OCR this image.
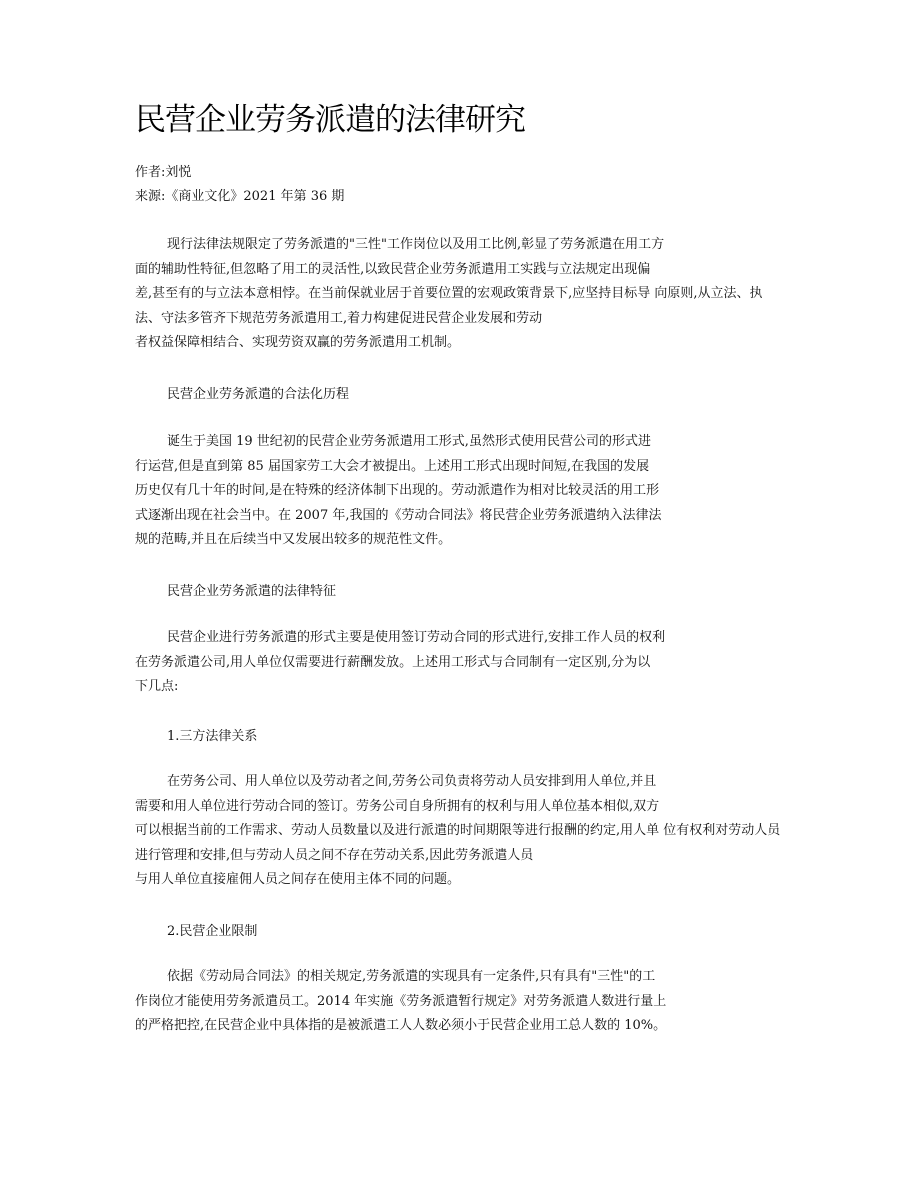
民营企业劳务派遣的法律研究
作者:刘悦
来源:《商业文化》2021 年第 36 期
现行法律法规限定了劳务派遣的"三性"工作岗位以及用工比例,彰显了劳务派遣在用工方
面的辅助性特征,但忽略了用工的灵活性,以致民营企业劳务派遣用工实践与立法规定出现偏
差,甚至有的与立法本意相悖。在当前保就业居于首要位置的宏观政策背景下,应坚持目标导 向原则,从立法、执
法、守法多管齐下规范劳务派遣用工,着力构建促进民营企业发展和劳动
者权益保障相结合、实现劳资双赢的劳务派遣用工机制。
民营企业劳务派遣的合法化历程
诞生于美国 19 世纪初的民营企业劳务派遣用工形式,虽然形式使用民营公司的形式进
行运营,但是直到第 85 届国家劳工大会才被提出。上述用工形式出现时间短,在我国的发展
历史仅有几十年的时间,是在特殊的经济体制下出现的。劳动派遣作为相对比较灵活的用工形
式逐渐出现在社会当中。在 2007 年,我国的《劳动合同法》将民营企业劳务派遣纳入法律法
规的范畴,并且在后续当中又发展出较多的规范性文件。
民营企业劳务派遣的法律特征
民营企业进行劳务派遣的形式主要是使用签订劳动合同的形式进行,安排工作人员的权利
在劳务派遣公司,用人单位仅需要进行薪酬发放。上述用工形式与合同制有一定区别,分为以
下几点:
1.三方法律关系
在劳务公司、用人单位以及劳动者之间,劳务公司负责将劳动人员安排到用人单位,并且
需要和用人单位进行劳动合同的签订。劳务公司自身所拥有的权利与用人单位基本相似,双方
可以根据当前的工作需求、劳动人员数量以及进行派遣的时间期限等进行报酬的约定,用人单 位有权利对劳动人员
进行管理和安排,但与劳动人员之间不存在劳动关系,因此劳务派遣人员
与用人单位直接雇佣人员之间存在使用主体不同的问题。
2.民营企业限制
依据《劳动局合同法》的相关规定,劳务派遣的实现具有一定条件,只有具有"三性"的工
作岗位才能使用劳务派遣员工。2014 年实施《劳务派遣暂行规定》对劳务派遣人数进行量上
的严格把控,在民营企业中具体指的是被派遣工人人数必须小于民营企业用工总人数的 10%。
